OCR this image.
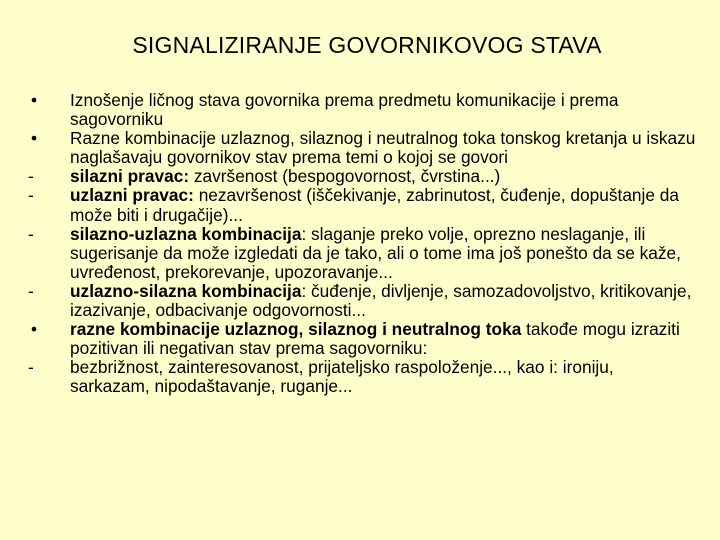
SIGNALIZIRANJE GOVORNIKOVOG STAVA

•	Iznošenje ličnog stava govornika prema predmetu komunikacije i prema sagovorniku

•	Razne kombinacije uzlaznog, silaznog i neutralnog toka tonskog kretanja u iskazu naglašavaju govornikov stav prema temi o kojoj se govori

-	silazni pravac: završenost (bespogovornost, čvrstina...)

-	uzlazni pravac: nezavršenost (iščekivanje, zabrinutost, čuđenje, dopuštanje da može biti i drugačije)...

-	silazno-uzlazna kombinacija: slaganje preko volje, oprezno neslaganje, ili sugerisanje da može izgledati da je tako, ali o tome ima još ponešto da se kaže, uvređenost, prekorevanje, upozoravanje...

-	uzlazno-silazna kombinacija: čuđenje, divljenje, samozadovoljstvo, kritikovanje, izazivanje, odbacivanje odgovornosti...

•	razne kombinacije uzlaznog, silaznog i neutralnog toka takođe mogu izraziti pozitivan ili negativan stav prema sagovorniku:

-	bezbrižnost, zainteresovanost, prijateljsko raspoloženje..., kao i: ironiju, sarkazam, nipodaštavanje, ruganje...
